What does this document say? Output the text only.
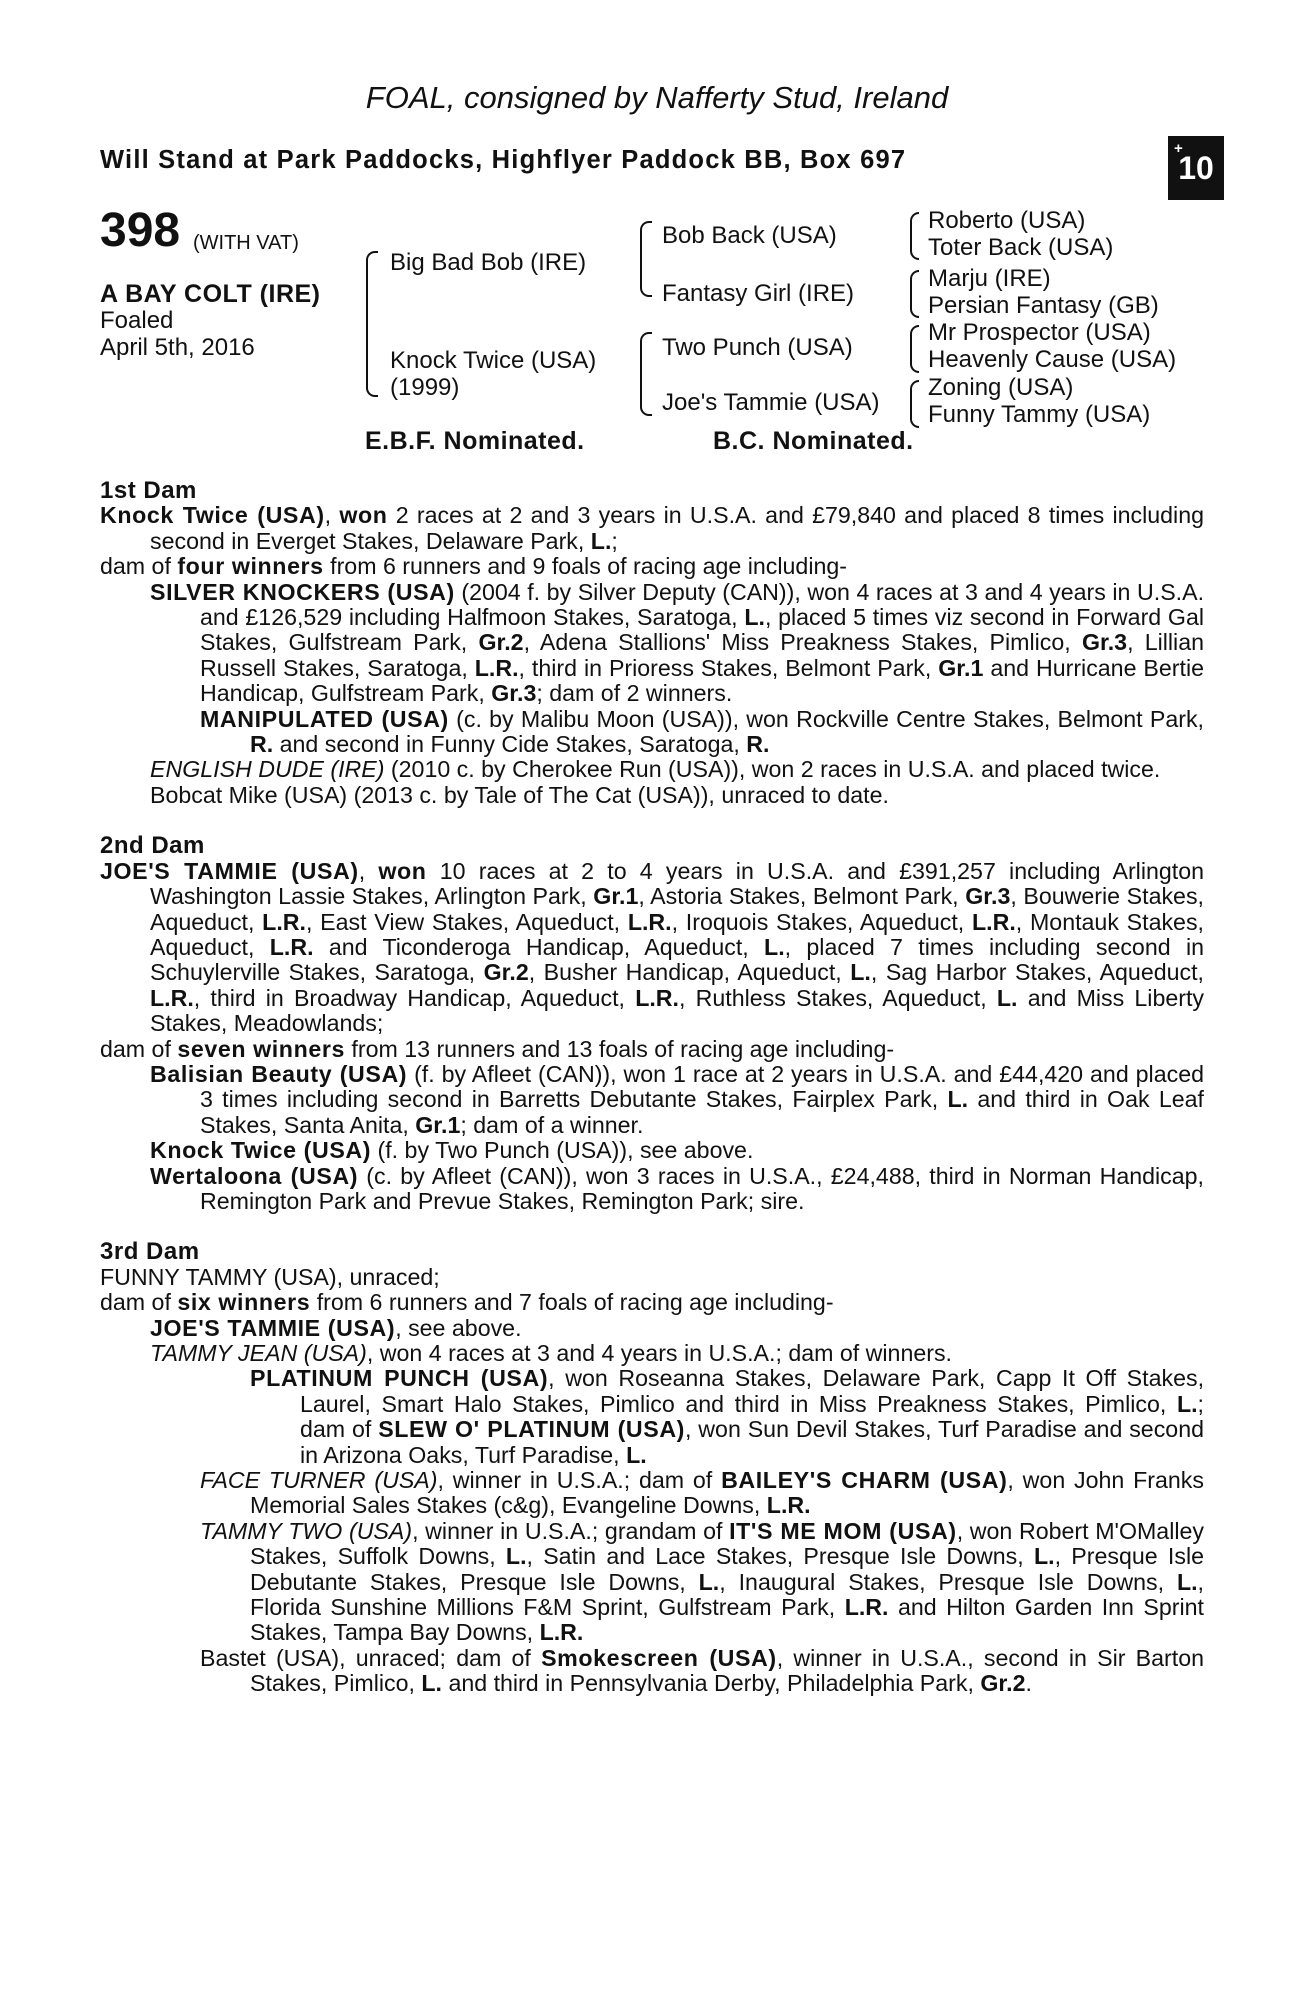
FOAL, consigned by Nafferty Stud, Ireland
Will Stand at Park Paddocks, Highflyer Paddock BB, Box 697	+
10
398 (WITH VAT)
A BAY COLT (IRE)
Foaled
April 5th, 2016
Big Bad Bob (IRE)
Knock Twice (USA)
(1999)
Bob Back (USA)
Fantasy Girl (IRE)
Two Punch (USA)
Joe's Tammie (USA)
Roberto (USA)
Toter Back (USA)
Marju (IRE)
Persian Fantasy (GB)
Mr Prospector (USA)
Heavenly Cause (USA)
Zoning (USA)
Funny Tammy (USA)
E.B.F. Nominated.	B.C. Nominated.
1st Dam
Knock Twice (USA), won 2 races at 2 and 3 years in U.S.A. and £79,840 and placed 8 times including second in Everget Stakes, Delaware Park, L.;
dam of four winners from 6 runners and 9 foals of racing age including-
SILVER KNOCKERS (USA) (2004 f. by Silver Deputy (CAN)), won 4 races at 3 and 4 years in U.S.A. and £126,529 including Halfmoon Stakes, Saratoga, L., placed 5 times viz second in Forward Gal Stakes, Gulfstream Park, Gr.2, Adena Stallions' Miss Preakness Stakes, Pimlico, Gr.3, Lillian Russell Stakes, Saratoga, L.R., third in Prioress Stakes, Belmont Park, Gr.1 and Hurricane Bertie Handicap, Gulfstream Park, Gr.3; dam of 2 winners.
MANIPULATED (USA) (c. by Malibu Moon (USA)), won Rockville Centre Stakes, Belmont Park, R. and second in Funny Cide Stakes, Saratoga, R.
ENGLISH DUDE (IRE) (2010 c. by Cherokee Run (USA)), won 2 races in U.S.A. and placed twice.
Bobcat Mike (USA) (2013 c. by Tale of The Cat (USA)), unraced to date.
2nd Dam
JOE'S TAMMIE (USA), won 10 races at 2 to 4 years in U.S.A. and £391,257 including Arlington Washington Lassie Stakes, Arlington Park, Gr.1, Astoria Stakes, Belmont Park, Gr.3, Bouwerie Stakes, Aqueduct, L.R., East View Stakes, Aqueduct, L.R., Iroquois Stakes, Aqueduct, L.R., Montauk Stakes, Aqueduct, L.R. and Ticonderoga Handicap, Aqueduct, L., placed 7 times including second in Schuylerville Stakes, Saratoga, Gr.2, Busher Handicap, Aqueduct, L., Sag Harbor Stakes, Aqueduct, L.R., third in Broadway Handicap, Aqueduct, L.R., Ruthless Stakes, Aqueduct, L. and Miss Liberty Stakes, Meadowlands;
dam of seven winners from 13 runners and 13 foals of racing age including-
Balisian Beauty (USA) (f. by Afleet (CAN)), won 1 race at 2 years in U.S.A. and £44,420 and placed 3 times including second in Barretts Debutante Stakes, Fairplex Park, L. and third in Oak Leaf Stakes, Santa Anita, Gr.1; dam of a winner.
Knock Twice (USA) (f. by Two Punch (USA)), see above.
Wertaloona (USA) (c. by Afleet (CAN)), won 3 races in U.S.A., £24,488, third in Norman Handicap, Remington Park and Prevue Stakes, Remington Park; sire.
3rd Dam
FUNNY TAMMY (USA), unraced;
dam of six winners from 6 runners and 7 foals of racing age including-
JOE'S TAMMIE (USA), see above.
TAMMY JEAN (USA), won 4 races at 3 and 4 years in U.S.A.; dam of winners.
PLATINUM PUNCH (USA), won Roseanna Stakes, Delaware Park, Capp It Off Stakes, Laurel, Smart Halo Stakes, Pimlico and third in Miss Preakness Stakes, Pimlico, L.; dam of SLEW O' PLATINUM (USA), won Sun Devil Stakes, Turf Paradise and second in Arizona Oaks, Turf Paradise, L.
FACE TURNER (USA), winner in U.S.A.; dam of BAILEY'S CHARM (USA), won John Franks Memorial Sales Stakes (c&g), Evangeline Downs, L.R.
TAMMY TWO (USA), winner in U.S.A.; grandam of IT'S ME MOM (USA), won Robert M'OMalley Stakes, Suffolk Downs, L., Satin and Lace Stakes, Presque Isle Downs, L., Presque Isle Debutante Stakes, Presque Isle Downs, L., Inaugural Stakes, Presque Isle Downs, L., Florida Sunshine Millions F&M Sprint, Gulfstream Park, L.R. and Hilton Garden Inn Sprint Stakes, Tampa Bay Downs, L.R.
Bastet (USA), unraced; dam of Smokescreen (USA), winner in U.S.A., second in Sir Barton Stakes, Pimlico, L. and third in Pennsylvania Derby, Philadelphia Park, Gr.2.
